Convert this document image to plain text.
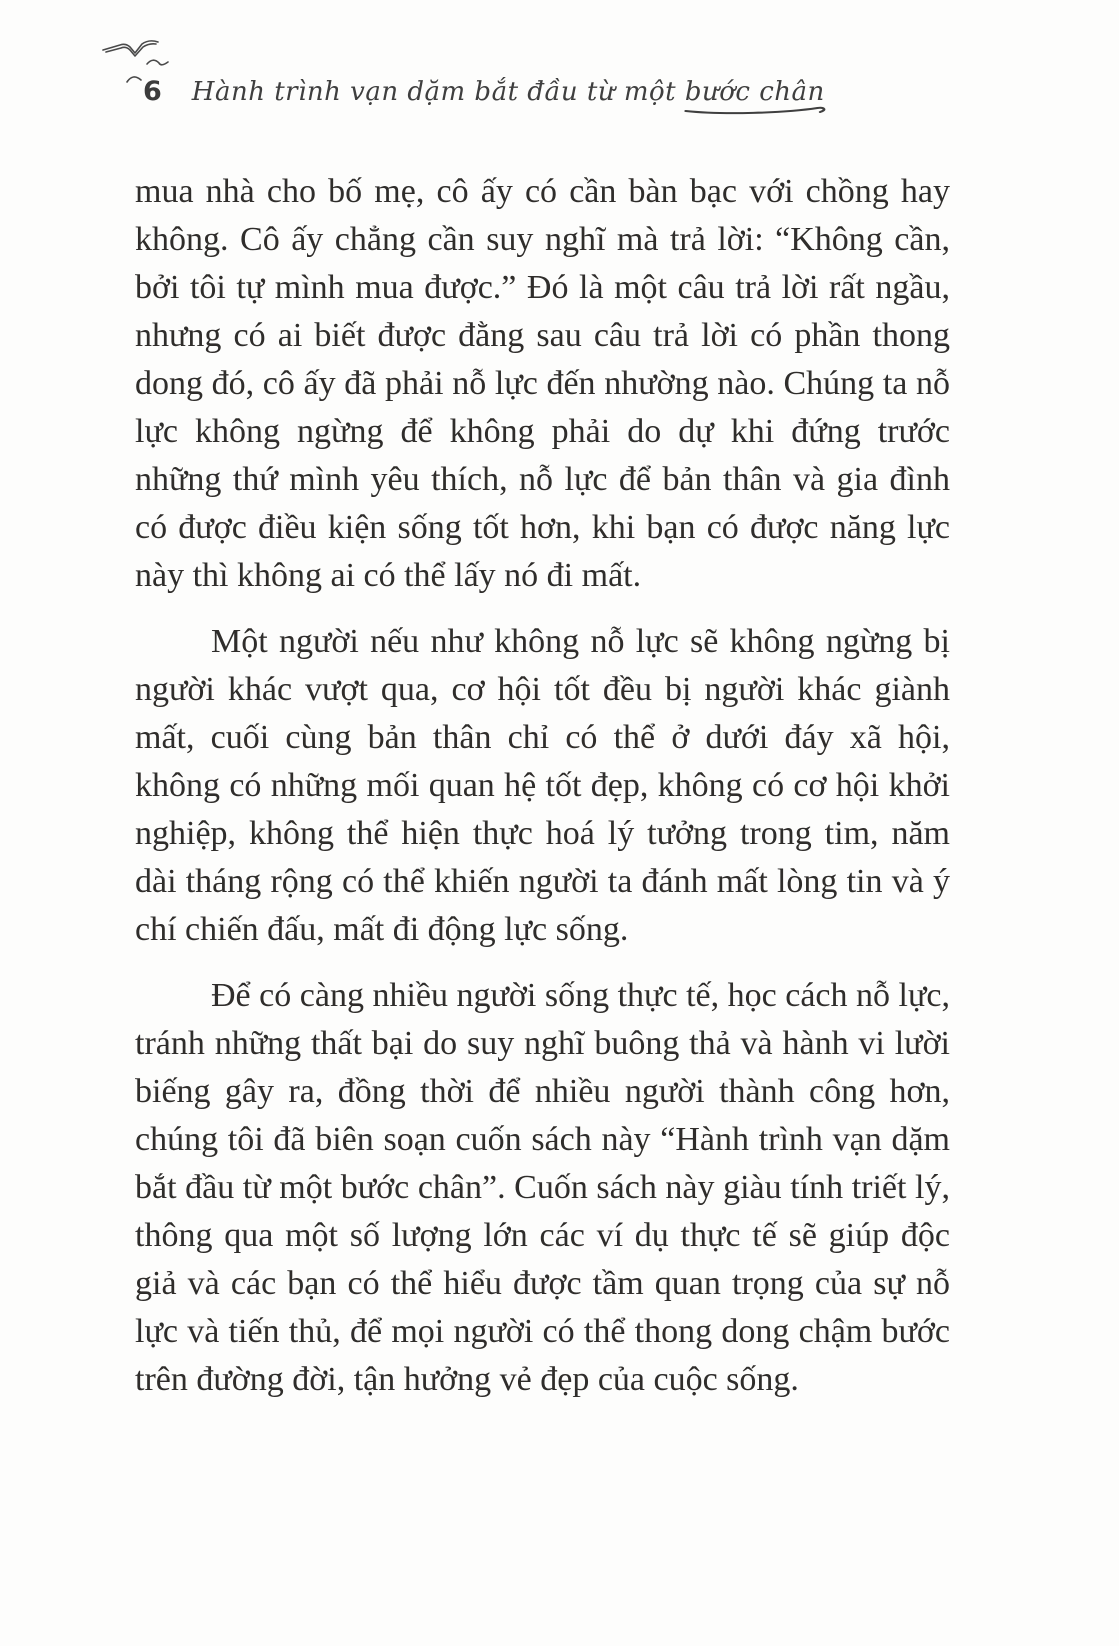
6 Hành trình vạn dặm bắt đầu từ một bước chân

mua nhà cho bố mẹ, cô ấy có cần bàn bạc với chồng hay không. Cô ấy chẳng cần suy nghĩ mà trả lời: “Không cần, bởi tôi tự mình mua được.” Đó là một câu trả lời rất ngầu, nhưng có ai biết được đằng sau câu trả lời có phần thong dong đó, cô ấy đã phải nỗ lực đến nhường nào. Chúng ta nỗ lực không ngừng để không phải do dự khi đứng trước những thứ mình yêu thích, nỗ lực để bản thân và gia đình có được điều kiện sống tốt hơn, khi bạn có được năng lực này thì không ai có thể lấy nó đi mất.

Một người nếu như không nỗ lực sẽ không ngừng bị người khác vượt qua, cơ hội tốt đều bị người khác giành mất, cuối cùng bản thân chỉ có thể ở dưới đáy xã hội, không có những mối quan hệ tốt đẹp, không có cơ hội khởi nghiệp, không thể hiện thực hoá lý tưởng trong tim, năm dài tháng rộng có thể khiến người ta đánh mất lòng tin và ý chí chiến đấu, mất đi động lực sống.

Để có càng nhiều người sống thực tế, học cách nỗ lực, tránh những thất bại do suy nghĩ buông thả và hành vi lười biếng gây ra, đồng thời để nhiều người thành công hơn, chúng tôi đã biên soạn cuốn sách này “Hành trình vạn dặm bắt đầu từ một bước chân”. Cuốn sách này giàu tính triết lý, thông qua một số lượng lớn các ví dụ thực tế sẽ giúp độc giả và các bạn có thể hiểu được tầm quan trọng của sự nỗ lực và tiến thủ, để mọi người có thể thong dong chậm bước trên đường đời, tận hưởng vẻ đẹp của cuộc sống.
